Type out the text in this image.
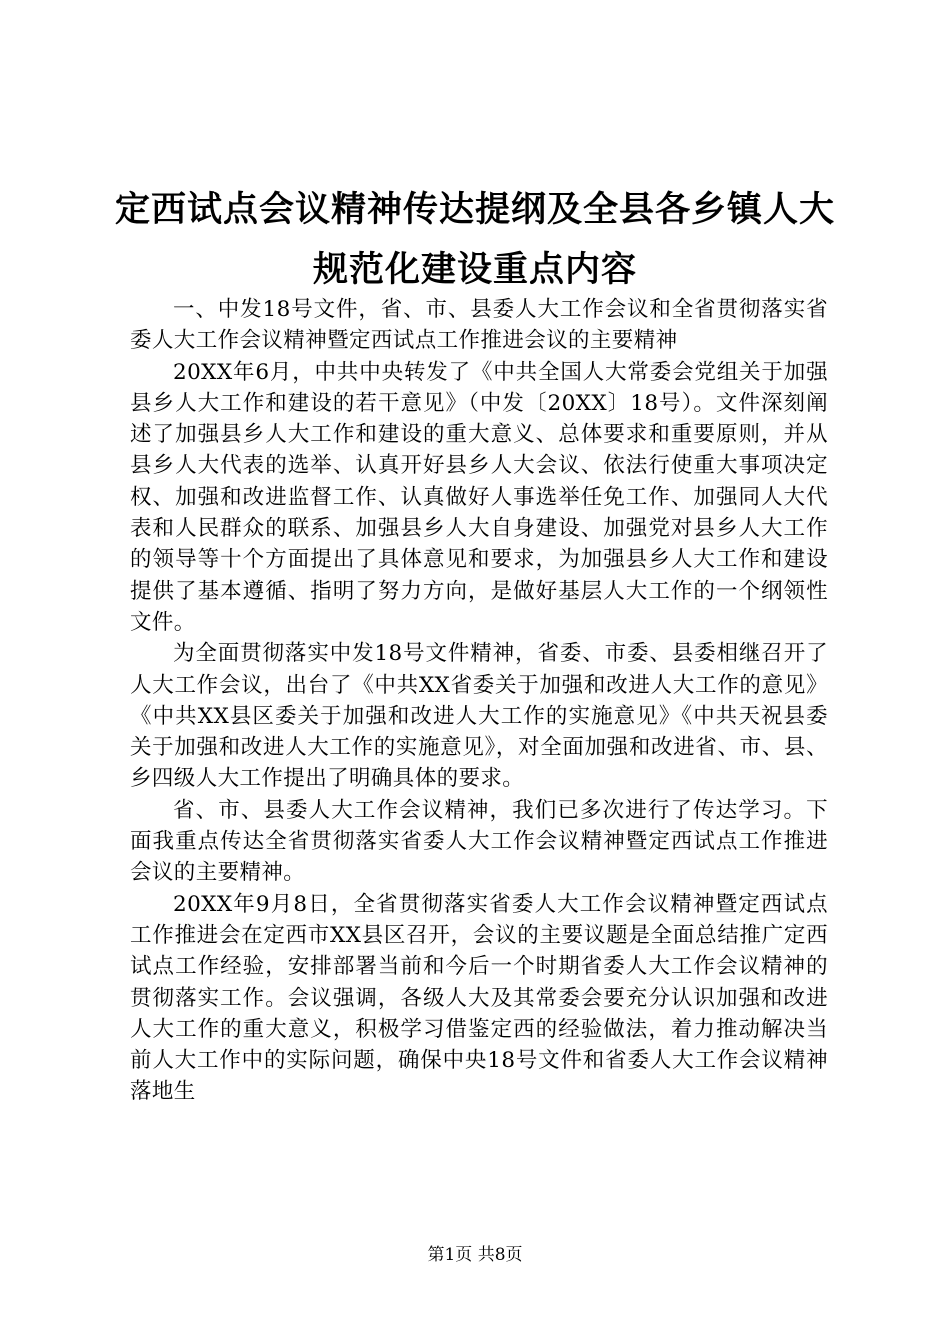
定西试点会议精神传达提纲及全县各乡镇人大
规范化建设重点内容

一、中发18号文件，省、市、县委人大工作会议和全省贯彻落实省委人大工作会议精神暨定西试点工作推进会议的主要精神

20XX年6月，中共中央转发了《中共全国人大常委会党组关于加强县乡人大工作和建设的若干意见》（中发〔20XX〕18号）。文件深刻阐述了加强县乡人大工作和建设的重大意义、总体要求和重要原则，并从县乡人大代表的选举、认真开好县乡人大会议、依法行使重大事项决定权、加强和改进监督工作、认真做好人事选举任免工作、加强同人大代表和人民群众的联系、加强县乡人大自身建设、加强党对县乡人大工作的领导等十个方面提出了具体意见和要求，为加强县乡人大工作和建设提供了基本遵循、指明了努力方向，是做好基层人大工作的一个纲领性文件。

为全面贯彻落实中发18号文件精神，省委、市委、县委相继召开了人大工作会议，出台了《中共XX省委关于加强和改进人大工作的意见》《中共XX县区委关于加强和改进人大工作的实施意见》《中共天祝县委关于加强和改进人大工作的实施意见》，对全面加强和改进省、市、县、乡四级人大工作提出了明确具体的要求。

省、市、县委人大工作会议精神，我们已多次进行了传达学习。下面我重点传达全省贯彻落实省委人大工作会议精神暨定西试点工作推进会议的主要精神。

20XX年9月8日，全省贯彻落实省委人大工作会议精神暨定西试点工作推进会在定西市XX县区召开，会议的主要议题是全面总结推广定西试点工作经验，安排部署当前和今后一个时期省委人大工作会议精神的贯彻落实工作。会议强调，各级人大及其常委会要充分认识加强和改进人大工作的重大意义，积极学习借鉴定西的经验做法，着力推动解决当前人大工作中的实际问题，确保中央18号文件和省委人大工作会议精神落地生

第1页 共8页
